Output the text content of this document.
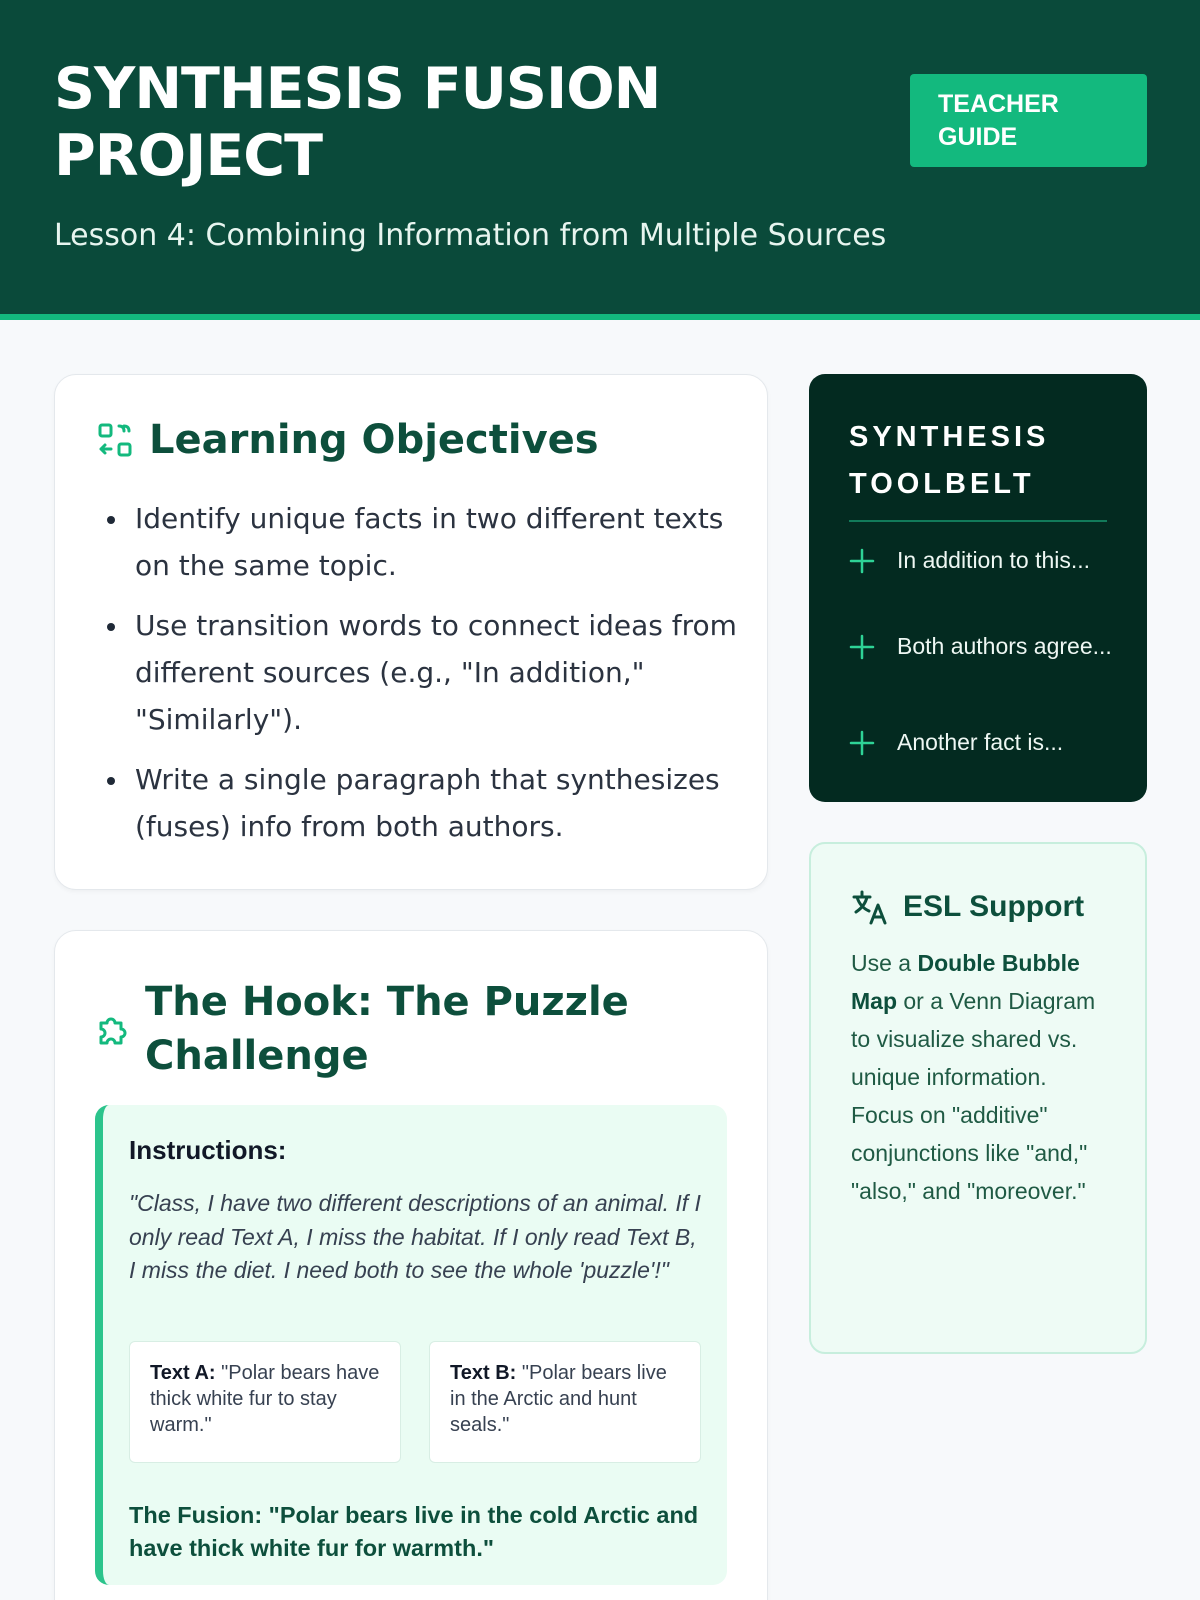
SYNTHESIS FUSION PROJECT
TEACHER GUIDE
Lesson 4: Combining Information from Multiple Sources
Learning Objectives
Identify unique facts in two different texts on the same topic.
Use transition words to connect ideas from different sources (e.g., "In addition," "Similarly").
Write a single paragraph that synthesizes (fuses) info from both authors.
The Hook: The Puzzle Challenge
Instructions:
"Class, I have two different descriptions of an animal. If I only read Text A, I miss the habitat. If I only read Text B, I miss the diet. I need both to see the whole 'puzzle'!"
Text A: "Polar bears have thick white fur to stay warm."
Text B: "Polar bears live in the Arctic and hunt seals."
The Fusion: "Polar bears live in the cold Arctic and have thick white fur for warmth."
SYNTHESIS TOOLBELT
In addition to this...
Both authors agree...
Another fact is...
ESL Support

Use a Double Bubble Map or a Venn Diagram to visualize shared vs. unique information. Focus on "additive" conjunctions like "and," "also," and "moreover."
